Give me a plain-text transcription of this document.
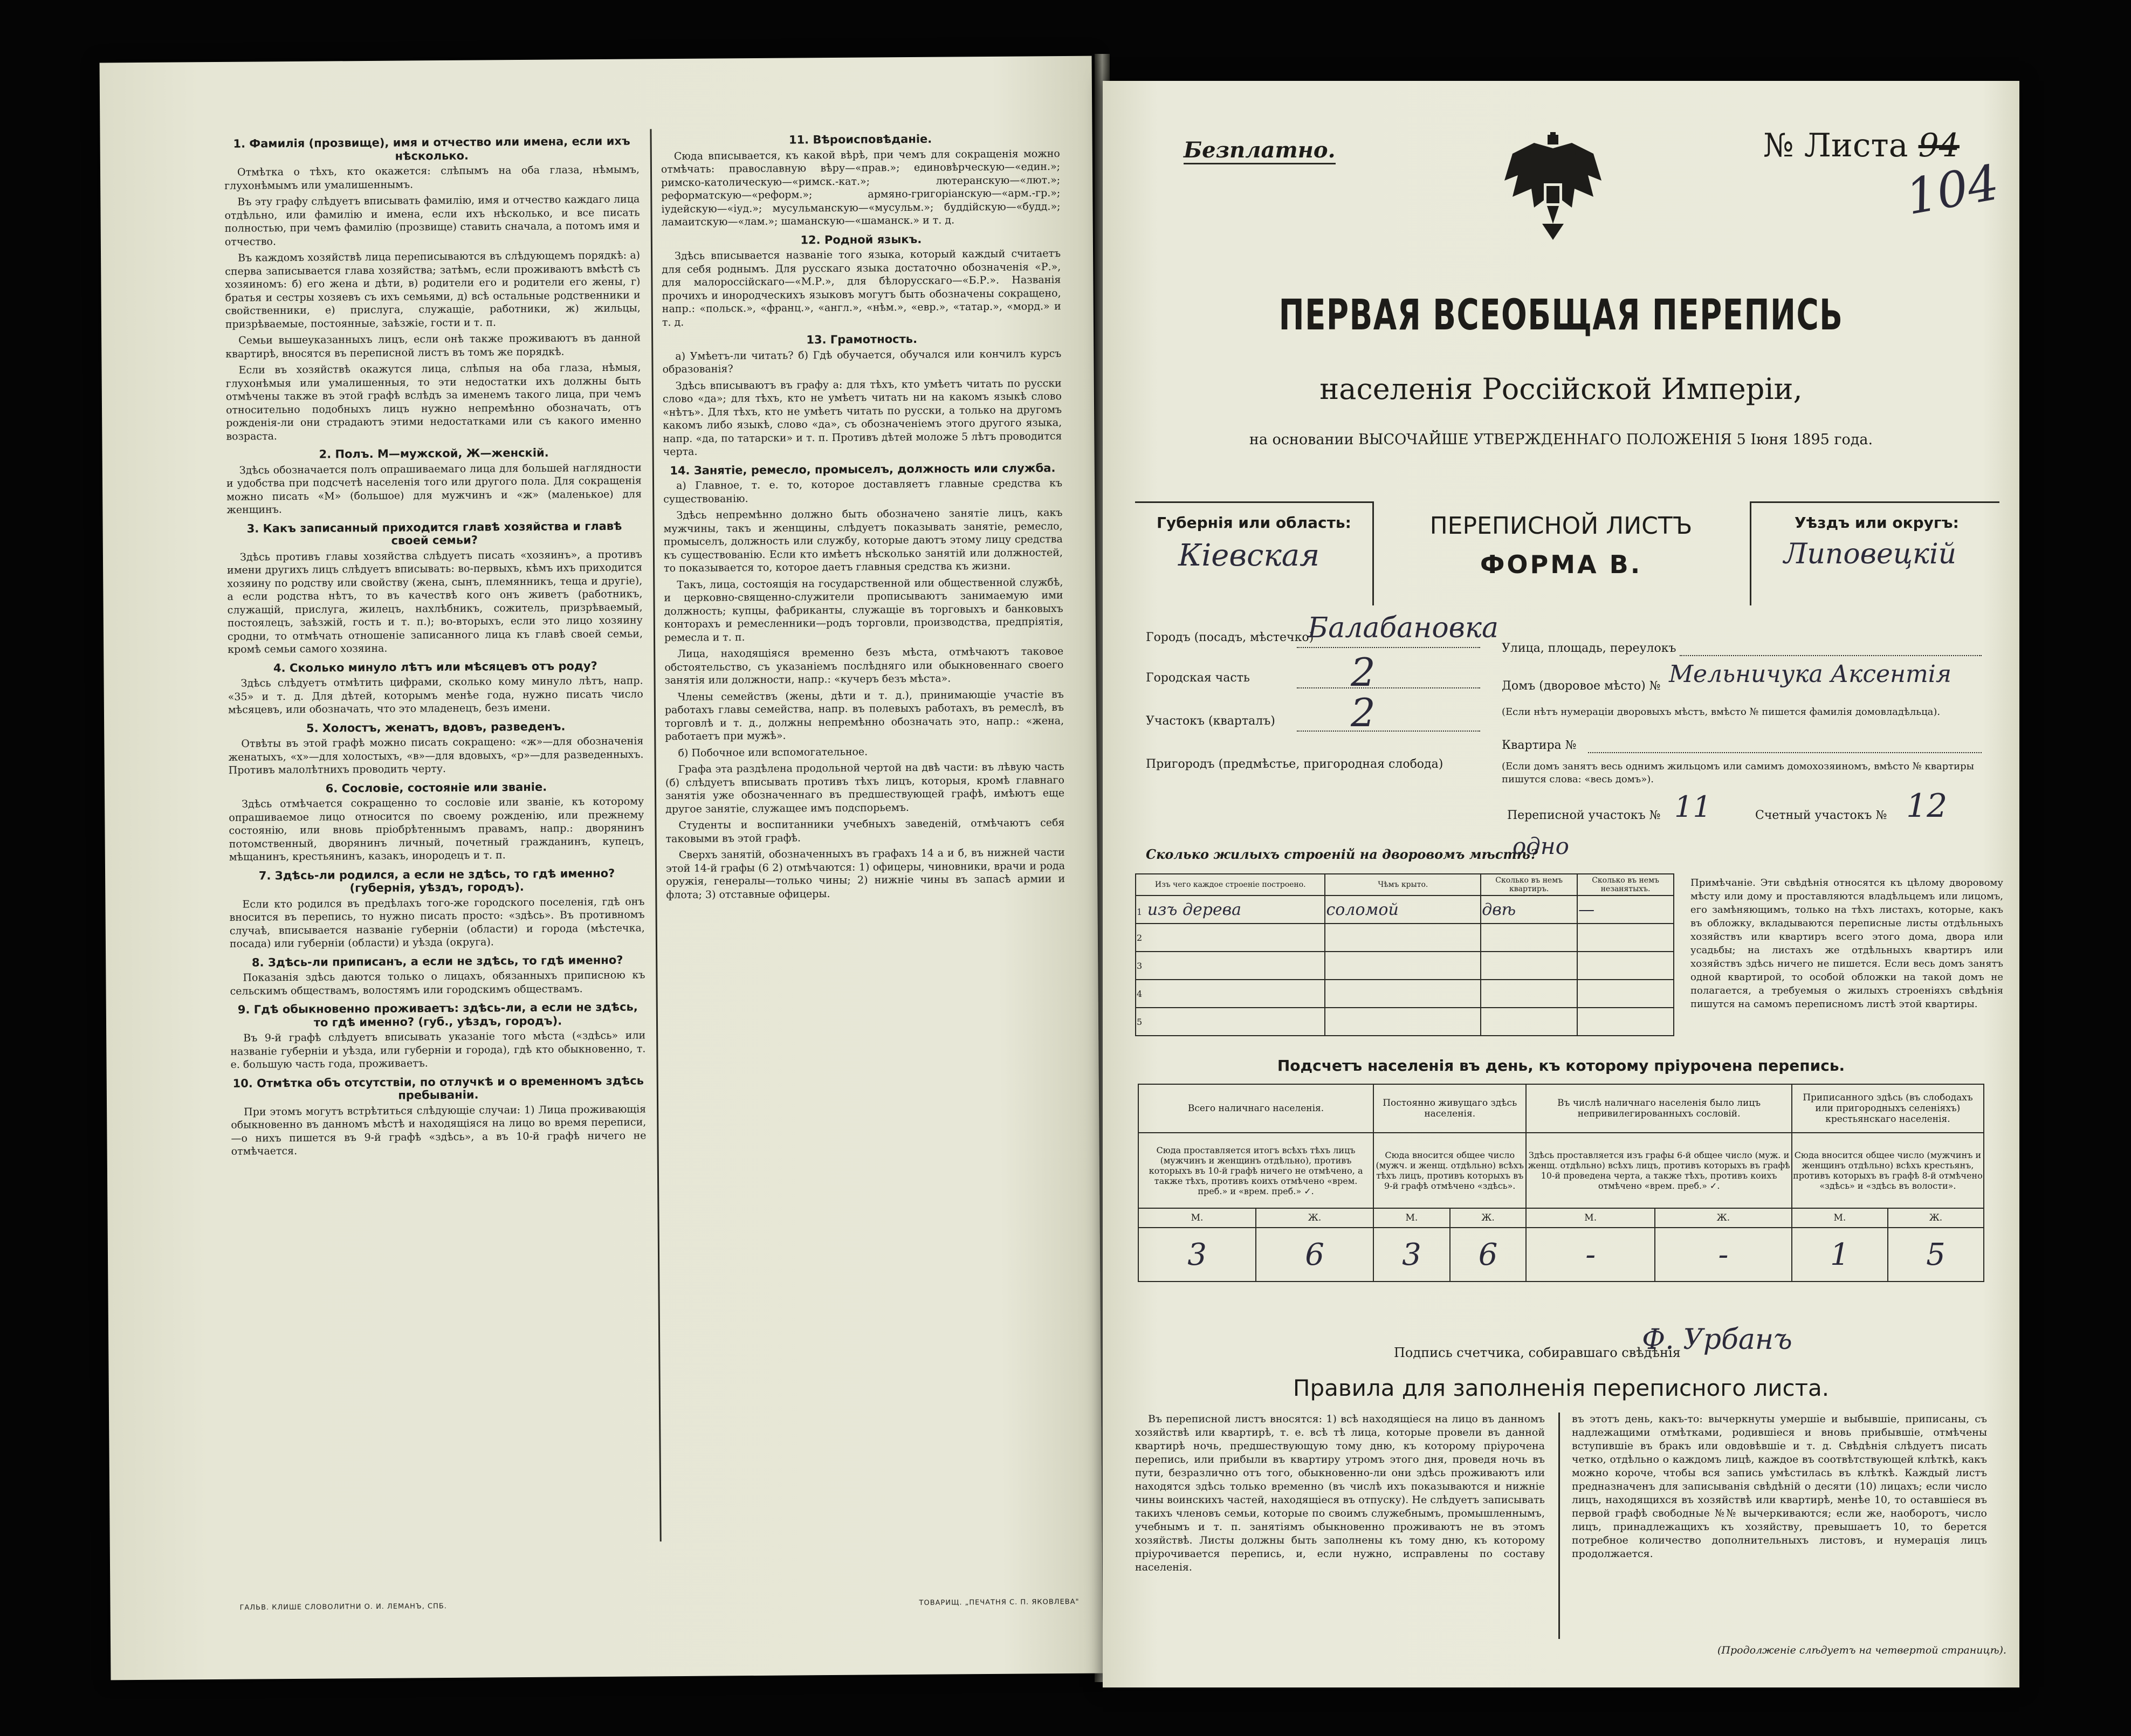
1. Фамилія (прозвище), имя и отчество или имена, если ихъ нѣсколько.

Отмѣтка о тѣхъ, кто окажется: слѣпымъ на оба глаза, нѣмымъ, глухонѣмымъ или умалишеннымъ.

Въ эту графу слѣдуетъ вписывать фамилію, имя и отчество каждаго лица отдѣльно, или фамилію и имена, если ихъ нѣсколько, и все писать полностью, при чемъ фамилію (прозвище) ставить сначала, а потомъ имя и отчество.

Въ каждомъ хозяйствѣ лица переписываются въ слѣдующемъ порядкѣ: а) сперва записывается глава хозяйства; затѣмъ, если проживаютъ вмѣстѣ съ хозяиномъ: б) его жена и дѣти, в) родители его и родители его жены, г) братья и сестры хозяевъ съ ихъ семьями, д) всѣ остальные родственники и свойственники, е) прислуга, служащіе, работники, ж) жильцы, призрѣваемые, постоянные, заѣзжіе, гости и т. п.

Семьи вышеуказанныхъ лицъ, если онѣ также проживаютъ въ данной квартирѣ, вносятся въ переписной листъ въ томъ же порядкѣ.

Если въ хозяйствѣ окажутся лица, слѣпыя на оба глаза, нѣмыя, глухонѣмыя или умалишенныя, то эти недостатки ихъ должны быть отмѣчены также въ этой графѣ вслѣдъ за именемъ такого лица, при чемъ относительно подобныхъ лицъ нужно непремѣнно обозначать, отъ рожденія-ли они страдаютъ этими недостатками или съ какого именно возраста.

2. Полъ. М—мужской, Ж—женскій.

Здѣсь обозначается полъ опрашиваемаго лица для большей наглядности и удобства при подсчетѣ населенія того или другого пола. Для сокращенія можно писать «М» (большое) для мужчинъ и «ж» (маленькое) для женщинъ.

3. Какъ записанный приходится главѣ хозяйства и главѣ своей семьи?

Здѣсь противъ главы хозяйства слѣдуетъ писать «хозяинъ», а противъ имени другихъ лицъ слѣдуетъ вписывать: во-первыхъ, кѣмъ ихъ приходится хозяину по родству или свойству (жена, сынъ, племянникъ, теща и другіе), а если родства нѣтъ, то въ качествѣ кого онъ живетъ (работникъ, служащій, прислуга, жилецъ, нахлѣбникъ, сожитель, призрѣваемый, постоялецъ, заѣзжій, гость и т. п.); во-вторыхъ, если это лицо хозяину сродни, то отмѣчать отношеніе записанного лица къ главѣ своей семьи, кромѣ семьи самого хозяина.

4. Сколько минуло лѣтъ или мѣсяцевъ отъ роду?

Здѣсь слѣдуетъ отмѣтить цифрами, сколько кому минуло лѣтъ, напр. «35» и т. д. Для дѣтей, которымъ менѣе года, нужно писать число мѣсяцевъ, или обозначать, что это младенецъ, безъ имени.

5. Холостъ, женатъ, вдовъ, разведенъ.

Отвѣты въ этой графѣ можно писать сокращено: «ж»—для обозначенія женатыхъ, «х»—для холостыхъ, «в»—для вдовыхъ, «р»—для разведенныхъ. Противъ малолѣтнихъ проводить черту.

6. Сословіе, состояніе или званіе.

Здѣсь отмѣчается сокращенно то сословіе или званіе, къ которому опрашиваемое лицо относится по своему рожденію, или прежнему состоянію, или вновь пріобрѣтеннымъ правамъ, напр.: дворянинъ потомственный, дворянинъ личный, почетный гражданинъ, купецъ, мѣщанинъ, крестьянинъ, казакъ, инородецъ и т. п.

7. Здѣсь-ли родился, а если не здѣсь, то гдѣ именно? (губернія, уѣздъ, городъ).

Если кто родился въ предѣлахъ того-же городского поселенія, гдѣ онъ вносится въ перепись, то нужно писать просто: «здѣсь». Въ противномъ случаѣ, вписывается названіе губерніи (области) и города (мѣстечка, посада) или губерніи (области) и уѣзда (округа).

8. Здѣсь-ли приписанъ, а если не здѣсь, то гдѣ именно?

Показанія здѣсь даются только о лицахъ, обязанныхъ приписною къ сельскимъ обществамъ, волостямъ или городскимъ обществамъ.

9. Гдѣ обыкновенно проживаетъ: здѣсь-ли, а если не здѣсь, то гдѣ именно? (губ., уѣздъ, городъ).

Въ 9-й графѣ слѣдуетъ вписывать указаніе того мѣста («здѣсь» или названіе губерніи и уѣзда, или губерніи и города), гдѣ кто обыкновенно, т. е. большую часть года, проживаетъ.

10. Отмѣтка объ отсутствіи, по отлучкѣ и о временномъ здѣсь пребываніи.

При этомъ могутъ встрѣтиться слѣдующіе случаи: 1) Лица проживающія обыкновенно въ данномъ мѣстѣ и находящіяся на лицо во время переписи,—о нихъ пишется въ 9-й графѣ «здѣсь», а въ 10-й графѣ ничего не отмѣчается.

11. Вѣроисповѣданіе.

Сюда вписывается, къ какой вѣрѣ, при чемъ для сокращенія можно отмѣчать: православную вѣру—«прав.»; единовѣрческую—«един.»; римско-католическую—«римск.-кат.»; лютеранскую—«лют.»; реформатскую—«реформ.»; армяно-григоріанскую—«арм.-гр.»; іудейскую—«іуд.»; мусульманскую—«мусульм.»; буддійскую—«будд.»; ламаитскую—«лам.»; шаманскую—«шаманск.» и т. д.

12. Родной языкъ.

Здѣсь вписывается названіе того языка, который каждый считаетъ для себя роднымъ. Для русскаго языка достаточно обозначенія «Р.», для малороссійскаго—«М.Р.», для бѣлорусскаго—«Б.Р.». Названія прочихъ и инородческихъ языковъ могутъ быть обозначены сокращено, напр.: «польск.», «франц.», «англ.», «нѣм.», «евр.», «татар.», «морд.» и т. д.

13. Грамотность.

а) Умѣетъ-ли читать? б) Гдѣ обучается, обучался или кончилъ курсъ образованія?

Здѣсь вписываютъ въ графу а: для тѣхъ, кто умѣетъ читать по русски слово «да»; для тѣхъ, кто не умѣетъ читать ни на какомъ языкѣ слово «нѣтъ». Для тѣхъ, кто не умѣетъ читать по русски, а только на другомъ какомъ либо языкѣ, слово «да», съ обозначеніемъ этого другого языка, напр. «да, по татарски» и т. п. Противъ дѣтей моложе 5 лѣтъ проводится черта.

14. Занятіе, ремесло, промыселъ, должность или служба.

а) Главное, т. е. то, которое доставляетъ главные средства къ существованію.

Здѣсь непремѣнно должно быть обозначено занятіе лицъ, какъ мужчины, такъ и женщины, слѣдуетъ показывать занятіе, ремесло, промыселъ, должность или службу, которые даютъ этому лицу средства къ существованію. Если кто имѣетъ нѣсколько занятій или должностей, то показывается то, которое даетъ главныя средства къ жизни.

Такъ, лица, состоящія на государственной или общественной службѣ, и церковно-священно-служители прописываютъ занимаемую ими должность; купцы, фабриканты, служащіе въ торговыхъ и банковыхъ конторахъ и ремесленники—родъ торговли, производства, предпріятія, ремесла и т. п.

Лица, находящіяся временно безъ мѣста, отмѣчаютъ таковое обстоятельство, съ указаніемъ послѣдняго или обыкновеннаго своего занятія или должности, напр.: «кучеръ безъ мѣста».

Члены семействъ (жены, дѣти и т. д.), принимающіе участіе въ работахъ главы семейства, напр. въ полевыхъ работахъ, въ ремеслѣ, въ торговлѣ и т. д., должны непремѣнно обозначать это, напр.: «жена, работаетъ при мужѣ».

б) Побочное или вспомогательное.

Графа эта раздѣлена продольной чертой на двѣ части: въ лѣвую часть (б) слѣдуетъ вписывать противъ тѣхъ лицъ, которыя, кромѣ главнаго занятія уже обозначеннаго въ предшествующей графѣ, имѣютъ еще другое занятіе, служащее имъ подспорьемъ.

Студенты и воспитанники учебныхъ заведеній, отмѣчаютъ себя таковыми въ этой графѣ.

Сверхъ занятій, обозначенныхъ въ графахъ 14 а и б, въ нижней части этой 14-й графы (6 2) отмѣчаются: 1) офицеры, чиновники, врачи и рода оружія, генералы—только чины; 2) нижніе чины въ запасѣ армии и флота; 3) отставные офицеры.

ГАЛЬВ. КЛИШЕ СЛОВОЛИТНИ О. И. ЛЕМАНЪ, СПБ.	ТОВАРИЩ. „ПЕЧАТНЯ С. П. ЯКОВЛЕВА"
Безплатно.	№ Листа 94
104
ПЕРВАЯ ВСЕОБЩАЯ ПЕРЕПИСЬ
населенія Россійской Имперіи,
на основании ВЫСОЧАЙШЕ УТВЕРЖДЕННАГО ПОЛОЖЕНІЯ 5 Іюня 1895 года.
Губернія или область:
Кіевская
ПЕРЕПИСНОЙ ЛИСТЪ
ФОРМА В.
Уѣздъ или округъ:
Липовецкій
Городъ (посадъ, мѣстечко)
Балабановка
Городская часть	2
Участокъ (кварталъ) 2
Пригородъ (предмѣстье, пригородная слобода)
Улица, площадь, переулокъ
Домъ (дворовое мѣсто) № Мельничука Аксентія
(Если нѣтъ нумераціи дворовыхъ мѣстъ, вмѣсто № пишется фамилія домовладѣльца).
Квартира №
(Если домъ занятъ весь однимъ жильцомъ или самимъ домохозяиномъ, вмѣсто № квартиры пишутся слова: «весь домъ»).
Переписной участокъ № 11	Счетный участокъ № 12
Сколько жилыхъ строеній на дворовомъ мѣстѣ?
одно
Изъ чего каждое строеніе построено.	Чѣмъ крыто.	Сколько въ немъ квартиръ.	Сколько въ немъ незанятыхъ.
1 изъ дерева	соломой	двѣ	—
2			
3			
4			
5			
Примѣчаніе. Эти свѣдѣнія относятся къ цѣлому дворовому мѣсту или дому и проставляются владѣльцемъ или лицомъ, его замѣняющимъ, только на тѣхъ листахъ, которые, какъ въ обложку, вкладываются переписные листы отдѣльныхъ хозяйствъ или квартиръ всего этого дома, двора или усадьбы; на листахъ же отдѣльныхъ квартиръ или хозяйствъ здѣсь ничего не пишется. Если весь домъ занятъ одной квартирой, то особой обложки на такой домъ не полагается, а требуемыя о жилыхъ строеніяхъ свѣдѣнія пишутся на самомъ переписномъ листѣ этой квартиры.
Подсчетъ населенія въ день, къ которому пріурочена перепись.
Всего наличнаго населенія.		Постоянно живущаго здѣсь населенія.		Въ числѣ наличнаго населенія было лицъ непривилегированныхъ сословій.		Приписанного здѣсь (въ слободахъ или пригородныхъ селеніяхъ) крестьянскаго населенія.	
Сюда проставляется итогъ всѣхъ тѣхъ лицъ (мужчинъ и женщинъ отдѣльно), противъ которыхъ въ 10-й графѣ ничего не отмѣчено, а также тѣхъ, противъ коихъ отмѣчено «врем. преб.» и «врем. преб.» ✓.		Сюда вносится общее число (мужч. и женщ. отдѣльно) всѣхъ тѣхъ лицъ, противъ которыхъ въ 9-й графѣ отмѣчено «здѣсь».		Здѣсь проставляется изъ графы 6-й общее число (муж. и женщ. отдѣльно) всѣхъ лицъ, противъ которыхъ въ графѣ 10-й проведена черта, а также тѣхъ, противъ коихъ отмѣчено «врем. преб.» ✓.		Сюда вносится общее число (мужчинъ и женщинъ отдѣльно) всѣхъ крестьянъ, противъ которыхъ въ графѣ 8-й отмѣчено «здѣсь» и «здѣсь въ волости».	
М.	Ж.	М.	Ж.	М.	Ж.	М.	Ж.
3	6	3	6	-	-	1	5
Подпись счетчика, собиравшаго свѣдѣнія
Ф. Урбанъ
Правила для заполненія переписного листа.
Въ переписной листъ вносятся: 1) всѣ находящіеся на лицо въ данномъ хозяйствѣ или квартирѣ, т. е. всѣ тѣ лица, которые провели въ данной квартирѣ ночь, предшествующую тому дню, къ которому пріурочена перепись, или прибыли въ квартиру утромъ этого дня, проведя ночь въ пути, безразлично отъ того, обыкновенно-ли они здѣсь проживаютъ или находятся здѣсь только временно (въ числѣ ихъ показываются и нижніе чины воинскихъ частей, находящіеся въ отпуску). Не слѣдуетъ записывать такихъ членовъ семьи, которые по своимъ служебнымъ, промышленнымъ, учебнымъ и т. п. занятіямъ обыкновенно проживаютъ не въ этомъ хозяйствѣ. Листы должны быть заполнены къ тому дню, къ которому пріурочивается перепись, и, если нужно, исправлены по составу населенія.
въ этотъ день, какъ-то: вычеркнуты умершіе и выбывшіе, приписаны, съ надлежащими отмѣтками, родившіеся и вновь прибывшіе, отмѣчены вступившіе въ бракъ или овдовѣвшіе и т. д. Свѣдѣнія слѣдуетъ писать четко, отдѣльно о каждомъ лицѣ, каждое въ соотвѣтствующей клѣткѣ, какъ можно короче, чтобы вся запись умѣстилась въ клѣткѣ. Каждый листъ предназначенъ для записыванія свѣдѣній о десяти (10) лицахъ; если число лицъ, находящихся въ хозяйствѣ или квартирѣ, менѣе 10, то оставшіеся въ первой графѣ свободные №№ вычеркиваются; если же, наоборотъ, число лицъ, принадлежащихъ къ хозяйству, превышаетъ 10, то берется потребное количество дополнительныхъ листовъ, и нумерація лицъ продолжается.
(Продолженіе слѣдуетъ на четвертой страницѣ).
